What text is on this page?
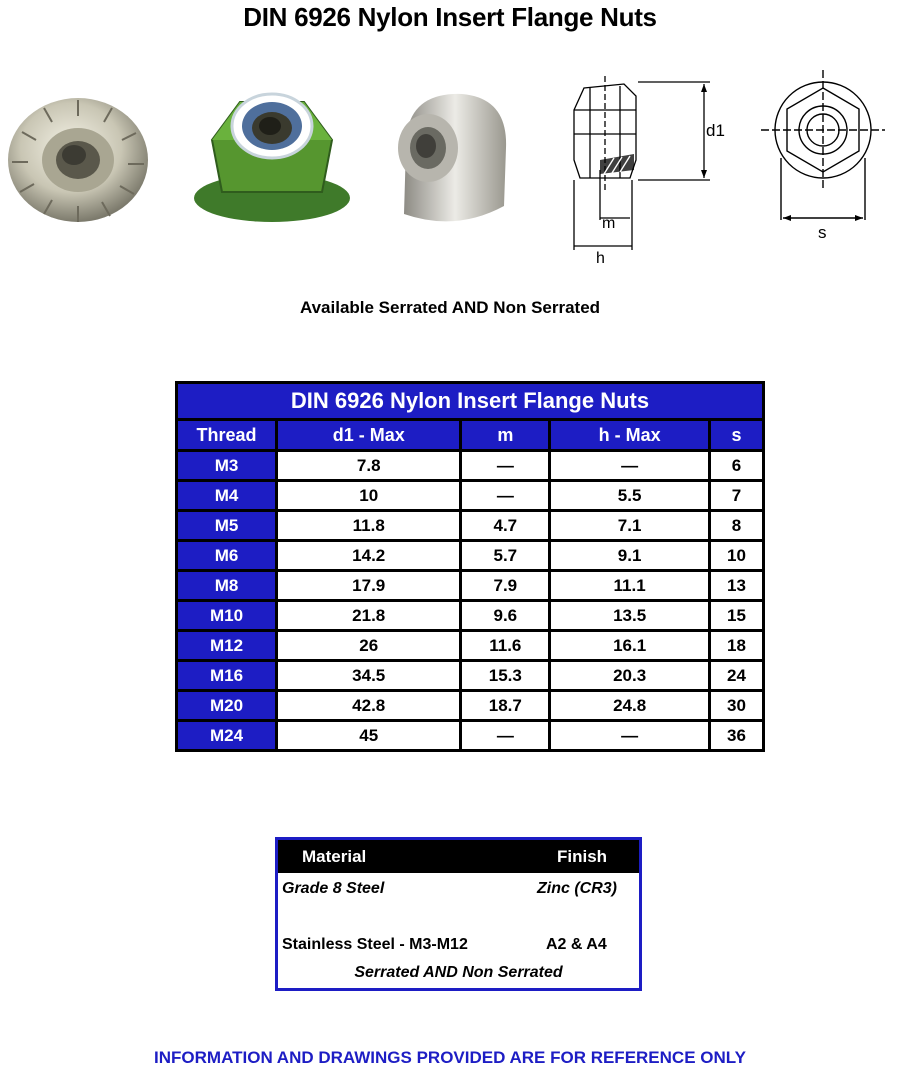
DIN 6926 Nylon Insert Flange Nuts
d1
m
h
s
Available Serrated AND Non Serrated
DIN 6926 Nylon Insert Flange Nuts				
Thread	d1 - Max	m	h - Max	s
M3	7.8	—	—	6
M4	10	—	5.5	7
M5	11.8	4.7	7.1	8
M6	14.2	5.7	9.1	10
M8	17.9	7.9	11.1	13
M10	21.8	9.6	13.5	15
M12	26	11.6	16.1	18
M16	34.5	15.3	20.3	24
M20	42.8	18.7	24.8	30
M24	45	—	—	36
Material	Finish
Grade 8 Steel	Zinc (CR3)
Stainless Steel - M3-M12	A2 & A4
Serrated AND Non Serrated
INFORMATION AND DRAWINGS PROVIDED ARE FOR REFERENCE ONLY
